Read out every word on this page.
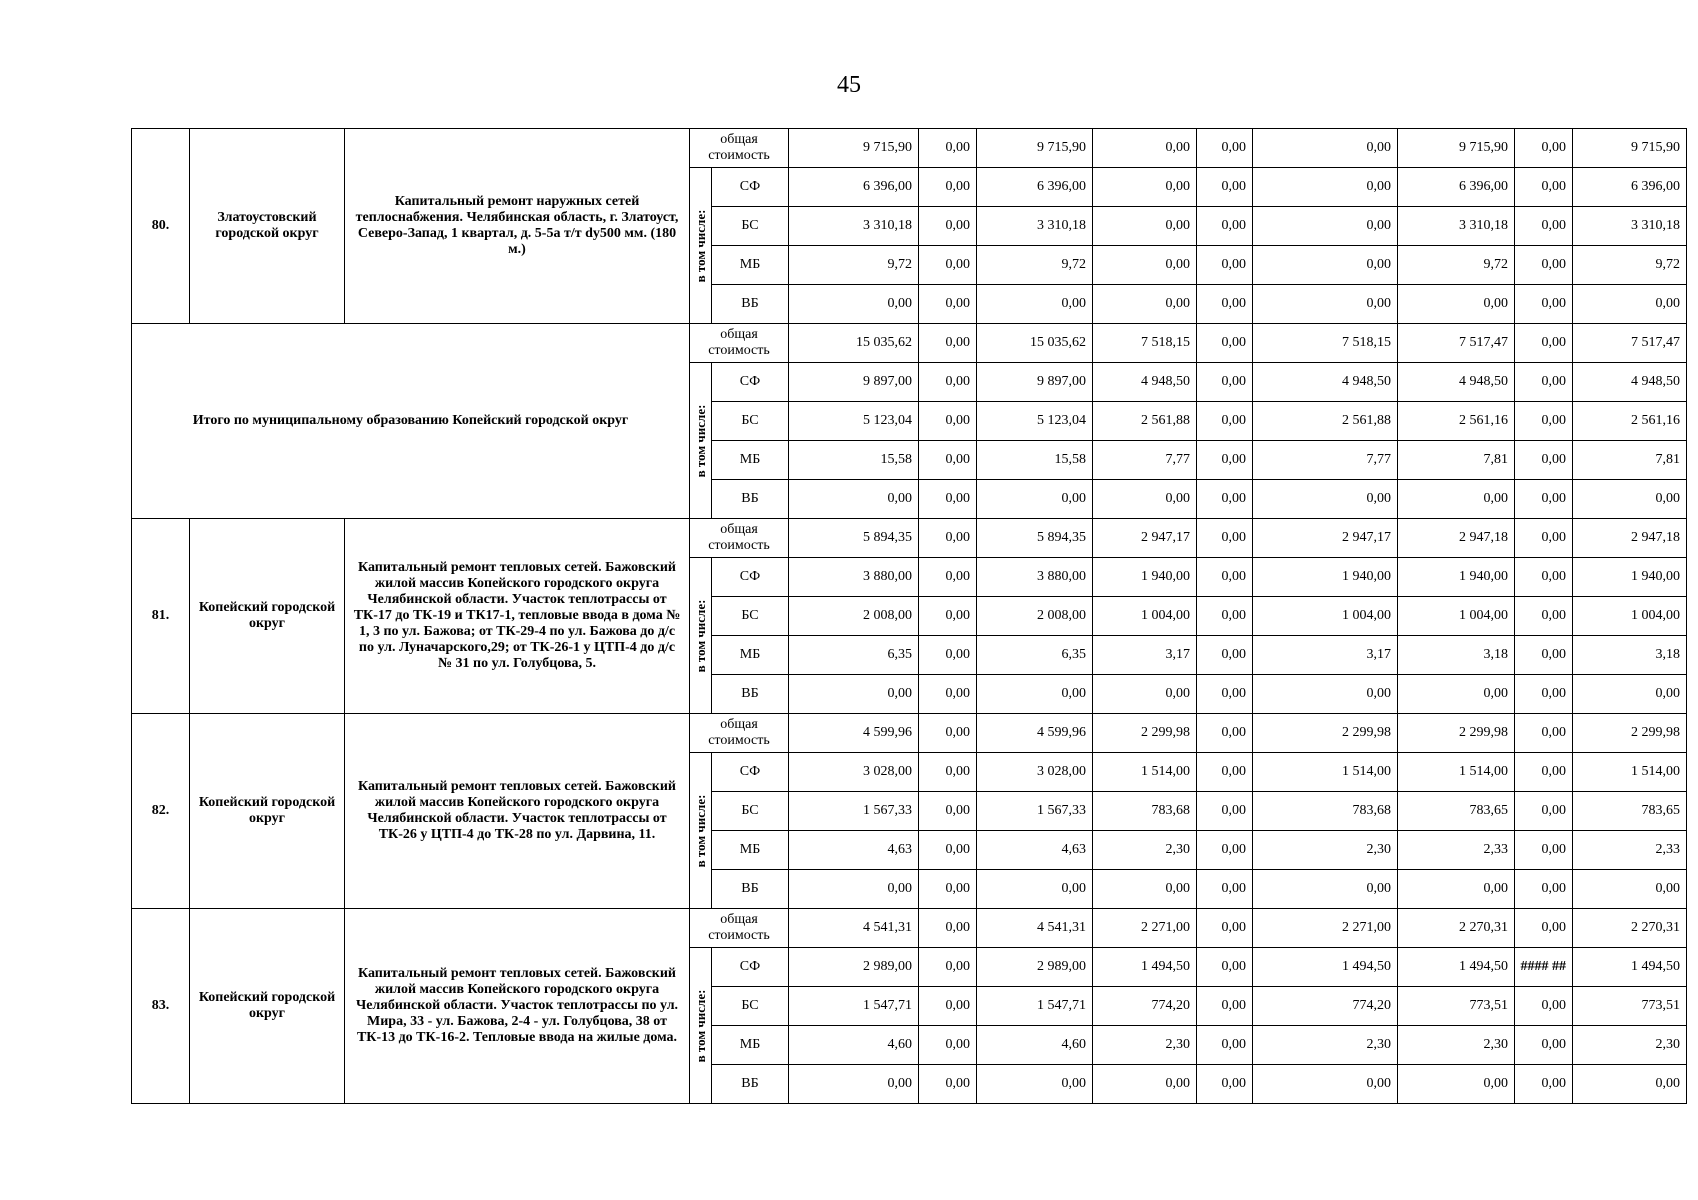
45
80.	Златоустовский городской округ	Капитальный ремонт наружных сетей теплоснабжения. Челябинская область, г. Златоуст, Северо-Запад, 1 квартал, д. 5-5а т/т dy500 мм. (180 м.)	общая стоимость		9 715,90	0,00	9 715,90	0,00	0,00	0,00	9 715,90	0,00	9 715,90

			в том числе:	СФ	6 396,00	0,00	6 396,00	0,00	0,00	0,00	6 396,00	0,00	6 396,00
				БС	3 310,18	0,00	3 310,18	0,00	0,00	0,00	3 310,18	0,00	3 310,18
				МБ	9,72	0,00	9,72	0,00	0,00	0,00	9,72	0,00	9,72
				ВБ	0,00	0,00	0,00	0,00	0,00	0,00	0,00	0,00	0,00
Итого по муниципальному образованию Копейский городской округ			общая стоимость		15 035,62	0,00	15 035,62	7 518,15	0,00	7 518,15	7 517,47	0,00	7 517,47

			в том числе:	СФ	9 897,00	0,00	9 897,00	4 948,50	0,00	4 948,50	4 948,50	0,00	4 948,50
				БС	5 123,04	0,00	5 123,04	2 561,88	0,00	2 561,88	2 561,16	0,00	2 561,16
				МБ	15,58	0,00	15,58	7,77	0,00	7,77	7,81	0,00	7,81
				ВБ	0,00	0,00	0,00	0,00	0,00	0,00	0,00	0,00	0,00
81.	Копейский городской округ	Капитальный ремонт тепловых сетей. Бажовский жилой массив Копейского городского округа Челябинской области. Участок теплотрассы от ТК-17 до ТК-19 и ТК17-1, тепловые ввода в дома № 1, 3 по ул. Бажова; от ТК-29-4 по ул. Бажова до д/с по ул. Луначарского,29; от ТК-26-1 у ЦТП-4 до д/с № 31 по ул. Голубцова, 5.	общая стоимость		5 894,35	0,00	5 894,35	2 947,17	0,00	2 947,17	2 947,18	0,00	2 947,18

			в том числе:	СФ	3 880,00	0,00	3 880,00	1 940,00	0,00	1 940,00	1 940,00	0,00	1 940,00
				БС	2 008,00	0,00	2 008,00	1 004,00	0,00	1 004,00	1 004,00	0,00	1 004,00
				МБ	6,35	0,00	6,35	3,17	0,00	3,17	3,18	0,00	3,18
				ВБ	0,00	0,00	0,00	0,00	0,00	0,00	0,00	0,00	0,00
82.	Копейский городской округ	Капитальный ремонт тепловых сетей. Бажовский жилой массив Копейского городского округа Челябинской области. Участок теплотрассы от ТК-26 у ЦТП-4 до ТК-28 по ул. Дарвина, 11.	общая стоимость		4 599,96	0,00	4 599,96	2 299,98	0,00	2 299,98	2 299,98	0,00	2 299,98

			в том числе:	СФ	3 028,00	0,00	3 028,00	1 514,00	0,00	1 514,00	1 514,00	0,00	1 514,00
				БС	1 567,33	0,00	1 567,33	783,68	0,00	783,68	783,65	0,00	783,65
				МБ	4,63	0,00	4,63	2,30	0,00	2,30	2,33	0,00	2,33
				ВБ	0,00	0,00	0,00	0,00	0,00	0,00	0,00	0,00	0,00
83.	Копейский городской округ	Капитальный ремонт тепловых сетей. Бажовский жилой массив Копейского городского округа Челябинской области. Участок теплотрассы по ул. Мира, 33 - ул. Бажова, 2-4 - ул. Голубцова, 38 от ТК-13 до ТК-16-2. Тепловые ввода на жилые дома.	общая стоимость		4 541,31	0,00	4 541,31	2 271,00	0,00	2 271,00	2 270,31	0,00	2 270,31

			в том числе:	СФ	2 989,00	0,00	2 989,00	1 494,50	0,00	1 494,50	1 494,50	#### ##	1 494,50
				БС	1 547,71	0,00	1 547,71	774,20	0,00	774,20	773,51	0,00	773,51
				МБ	4,60	0,00	4,60	2,30	0,00	2,30	2,30	0,00	2,30
				ВБ	0,00	0,00	0,00	0,00	0,00	0,00	0,00	0,00	0,00
